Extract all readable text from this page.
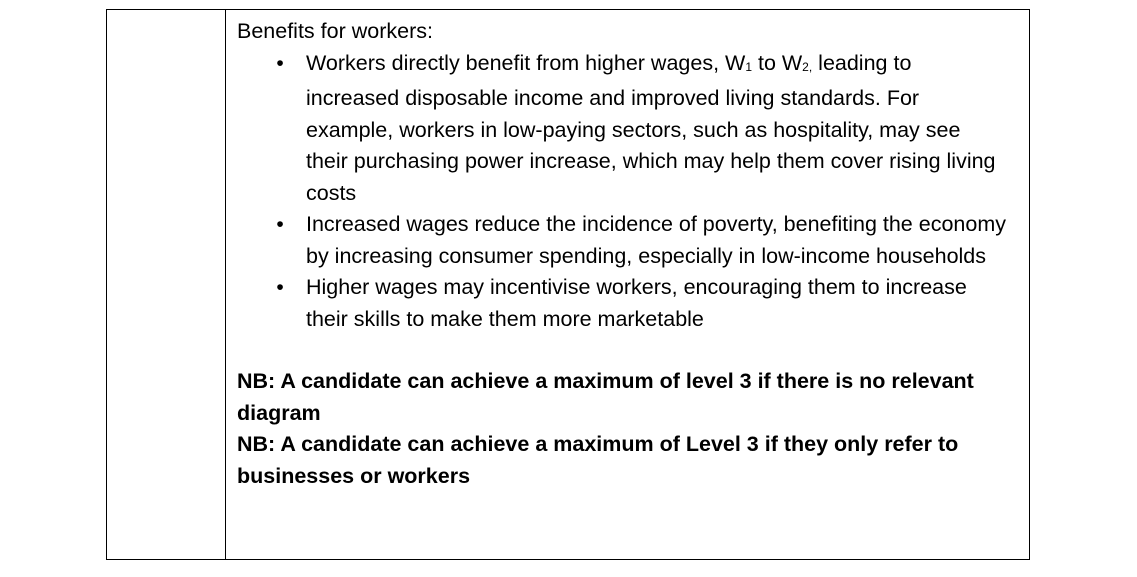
Benefits for workers:

• Workers directly benefit from higher wages, $W_1$ to $W_{2,}$ leading to increased disposable income and improved living standards. For example, workers in low-paying sectors, such as hospitality, may see their purchasing power increase, which may help them cover rising living costs
• Increased wages reduce the incidence of poverty, benefiting the economy by increasing consumer spending, especially in low-income households
• Higher wages may incentivise workers, encouraging them to increase their skills to make them more marketable

NB: A candidate can achieve a maximum of level 3 if there is no relevant diagram

NB: A candidate can achieve a maximum of Level 3 if they only refer to businesses or workers
